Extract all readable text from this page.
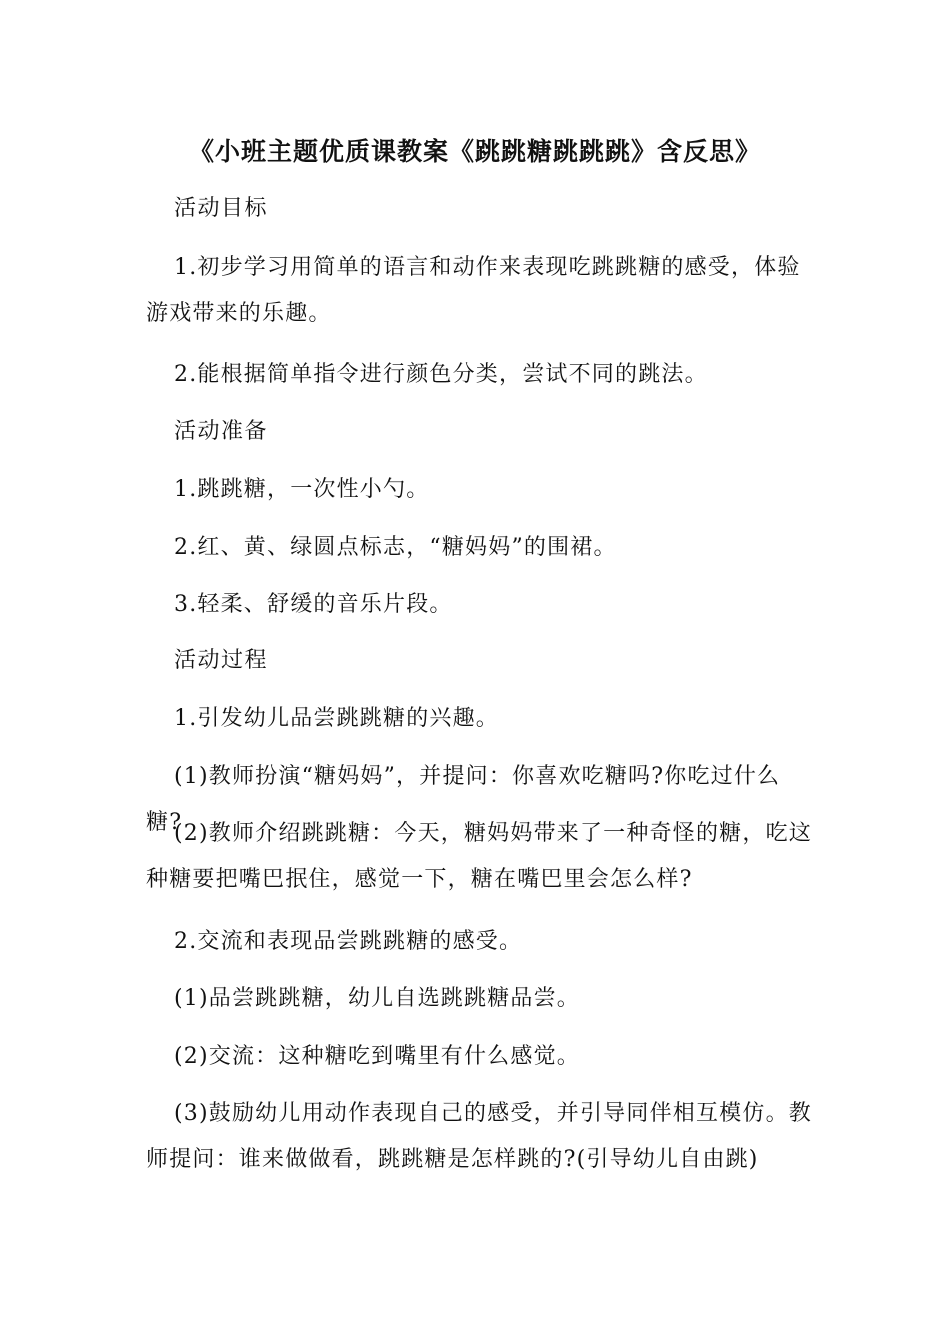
《小班主题优质课教案《跳跳糖跳跳跳》含反思》

活动目标

1.初步学习用简单的语言和动作来表现吃跳跳糖的感受，体验游戏带来的乐趣。

2.能根据简单指令进行颜色分类，尝试不同的跳法。

活动准备

1.跳跳糖，一次性小勺。

2.红、黄、绿圆点标志，“糖妈妈”的围裙。

3.轻柔、舒缓的音乐片段。

活动过程

1.引发幼儿品尝跳跳糖的兴趣。

(1)教师扮演“糖妈妈”，并提问：你喜欢吃糖吗?你吃过什么糖?

(2)教师介绍跳跳糖：今天，糖妈妈带来了一种奇怪的糖，吃这种糖要把嘴巴抿住，感觉一下，糖在嘴巴里会怎么样?

2.交流和表现品尝跳跳糖的感受。

(1)品尝跳跳糖，幼儿自选跳跳糖品尝。

(2)交流：这种糖吃到嘴里有什么感觉。

(3)鼓励幼儿用动作表现自己的感受，并引导同伴相互模仿。教师提问：谁来做做看，跳跳糖是怎样跳的?(引导幼儿自由跳)
